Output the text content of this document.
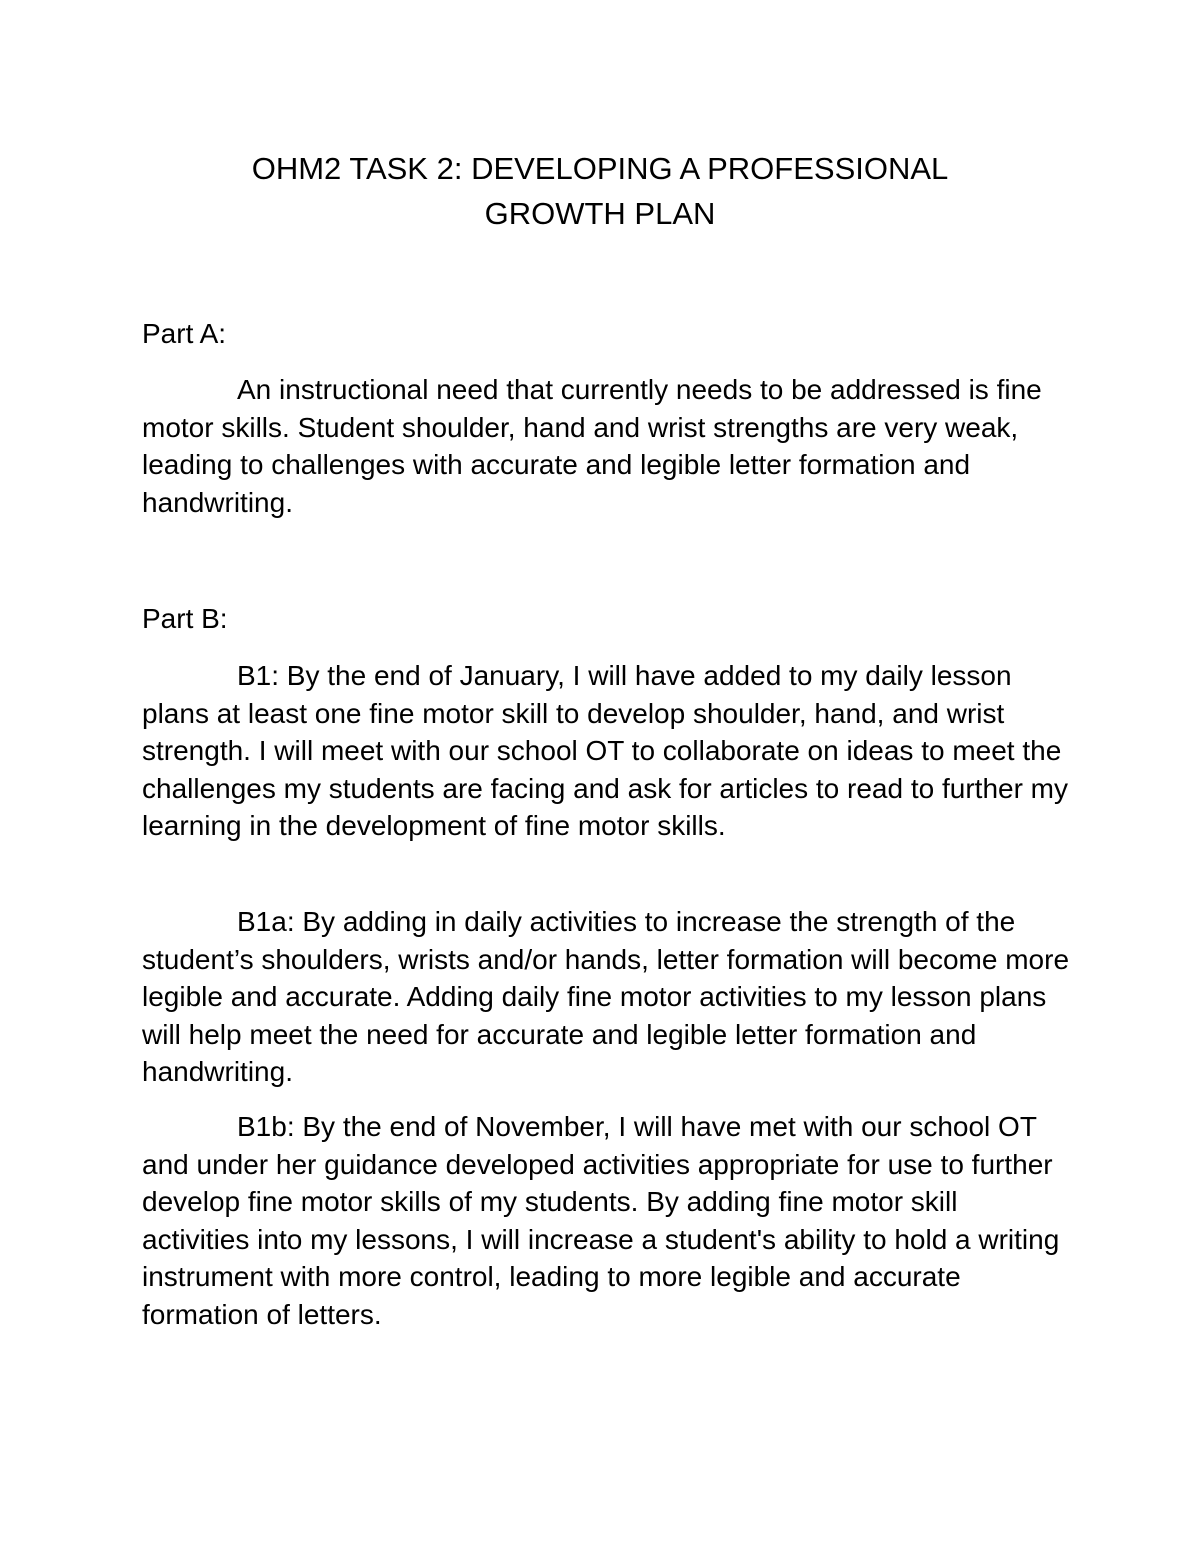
OHM2 TASK 2: DEVELOPING A PROFESSIONAL
GROWTH PLAN

Part A:

An instructional need that currently needs to be addressed is fine motor skills. Student shoulder, hand and wrist strengths are very weak, leading to challenges with accurate and legible letter formation and handwriting.

Part B:

B1: By the end of January, I will have added to my daily lesson plans at least one fine motor skill to develop shoulder, hand, and wrist strength. I will meet with our school OT to collaborate on ideas to meet the challenges my students are facing and ask for articles to read to further my learning in the development of fine motor skills.

B1a: By adding in daily activities to increase the strength of the student’s shoulders, wrists and/or hands, letter formation will become more legible and accurate. Adding daily fine motor activities to my lesson plans will help meet the need for accurate and legible letter formation and handwriting.

B1b: By the end of November, I will have met with our school OT and under her guidance developed activities appropriate for use to further develop fine motor skills of my students. By adding fine motor skill activities into my lessons, I will increase a student's ability to hold a writing instrument with more control, leading to more legible and accurate formation of letters.
